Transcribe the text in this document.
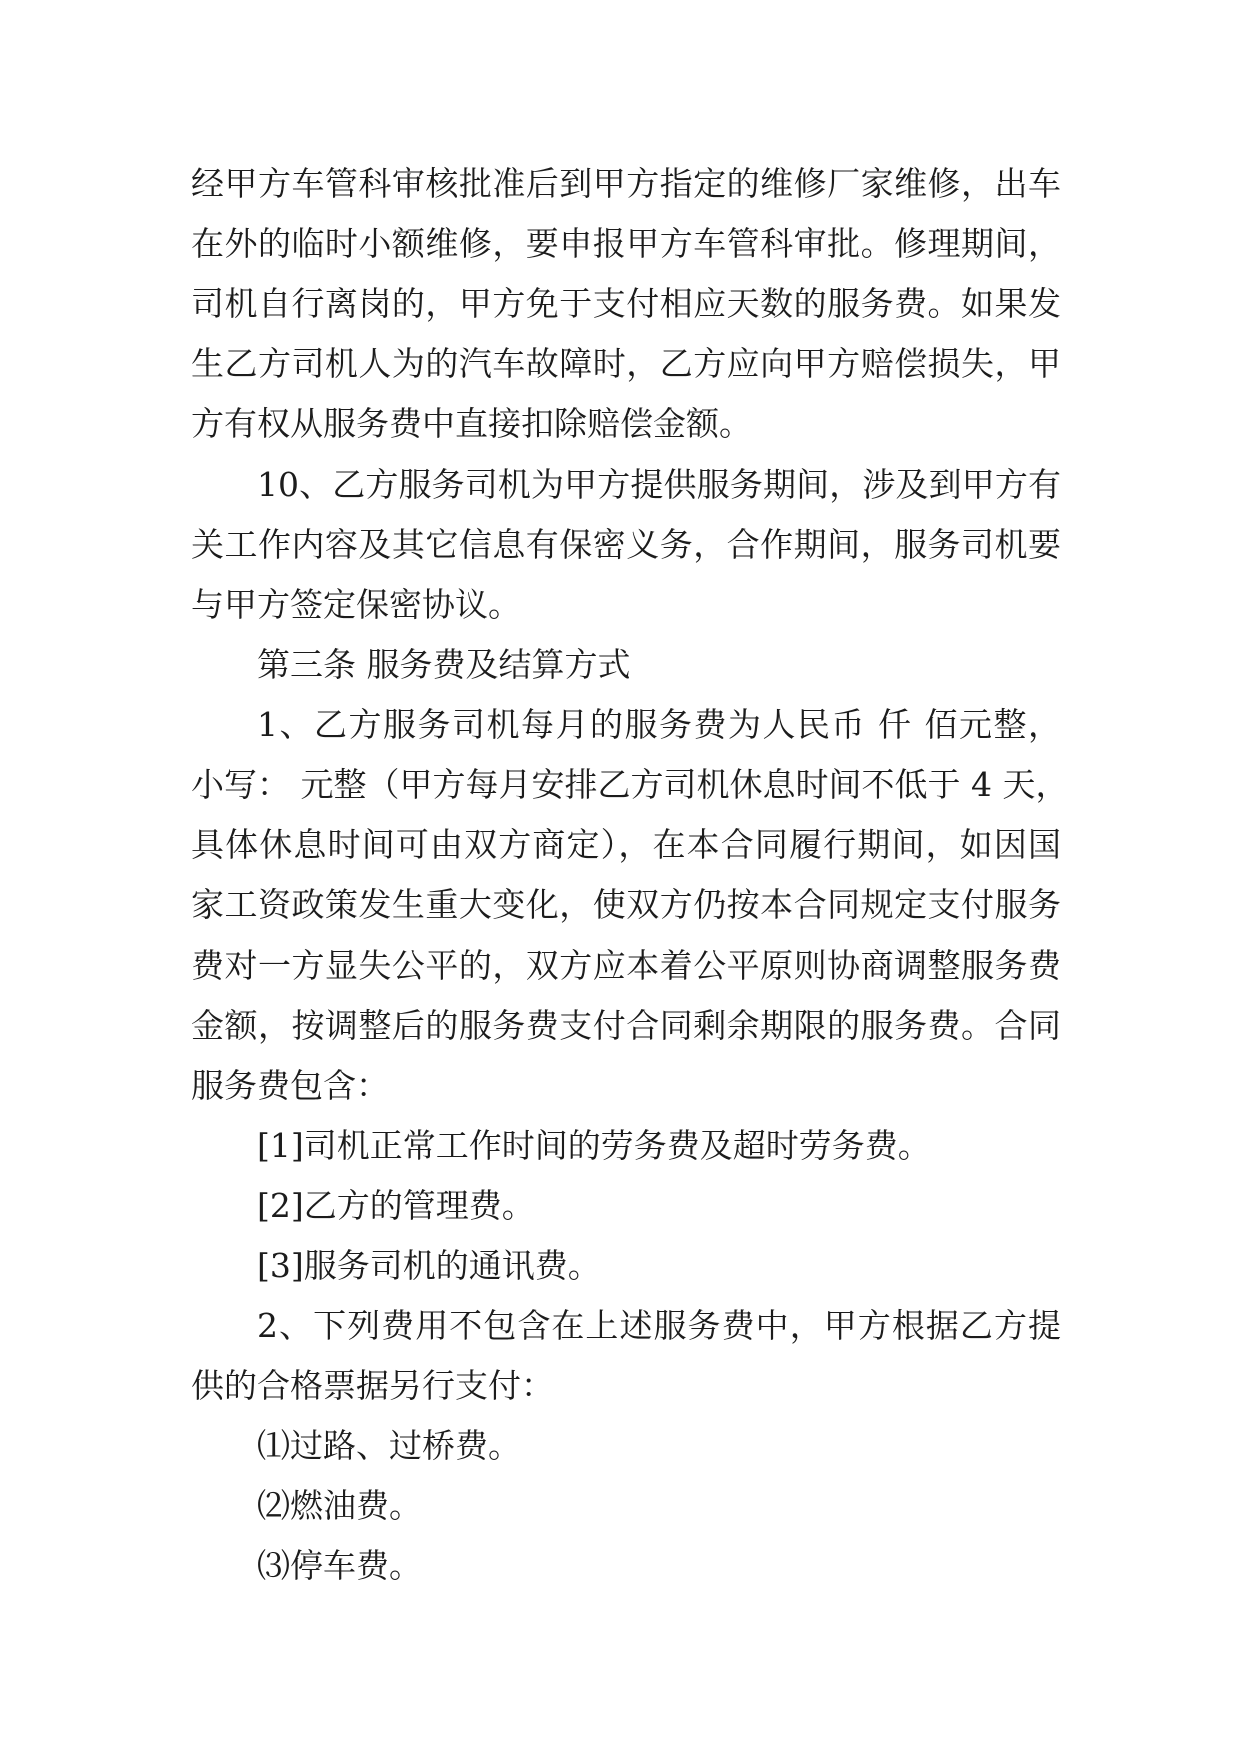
经甲方车管科审核批准后到甲方指定的维修厂家维修，出车
在外的临时小额维修，要申报甲方车管科审批。修理期间，
司机自行离岗的，甲方免于支付相应天数的服务费。如果发
生乙方司机人为的汽车故障时，乙方应向甲方赔偿损失，甲
方有权从服务费中直接扣除赔偿金额。
10、乙方服务司机为甲方提供服务期间，涉及到甲方有
关工作内容及其它信息有保密义务，合作期间，服务司机要
与甲方签定保密协议。
第三条 服务费及结算方式
1、乙方服务司机每月的服务费为人民币 仟 佰元整，
小写： 元整（甲方每月安排乙方司机休息时间不低于 4 天，
具体休息时间可由双方商定），在本合同履行期间，如因国
家工资政策发生重大变化，使双方仍按本合同规定支付服务
费对一方显失公平的，双方应本着公平原则协商调整服务费
金额，按调整后的服务费支付合同剩余期限的服务费。合同
服务费包含：
[1]司机正常工作时间的劳务费及超时劳务费。
[2]乙方的管理费。
[3]服务司机的通讯费。
2、下列费用不包含在上述服务费中，甲方根据乙方提
供的合格票据另行支付：
⑴过路、过桥费。
⑵燃油费。
⑶停车费。
